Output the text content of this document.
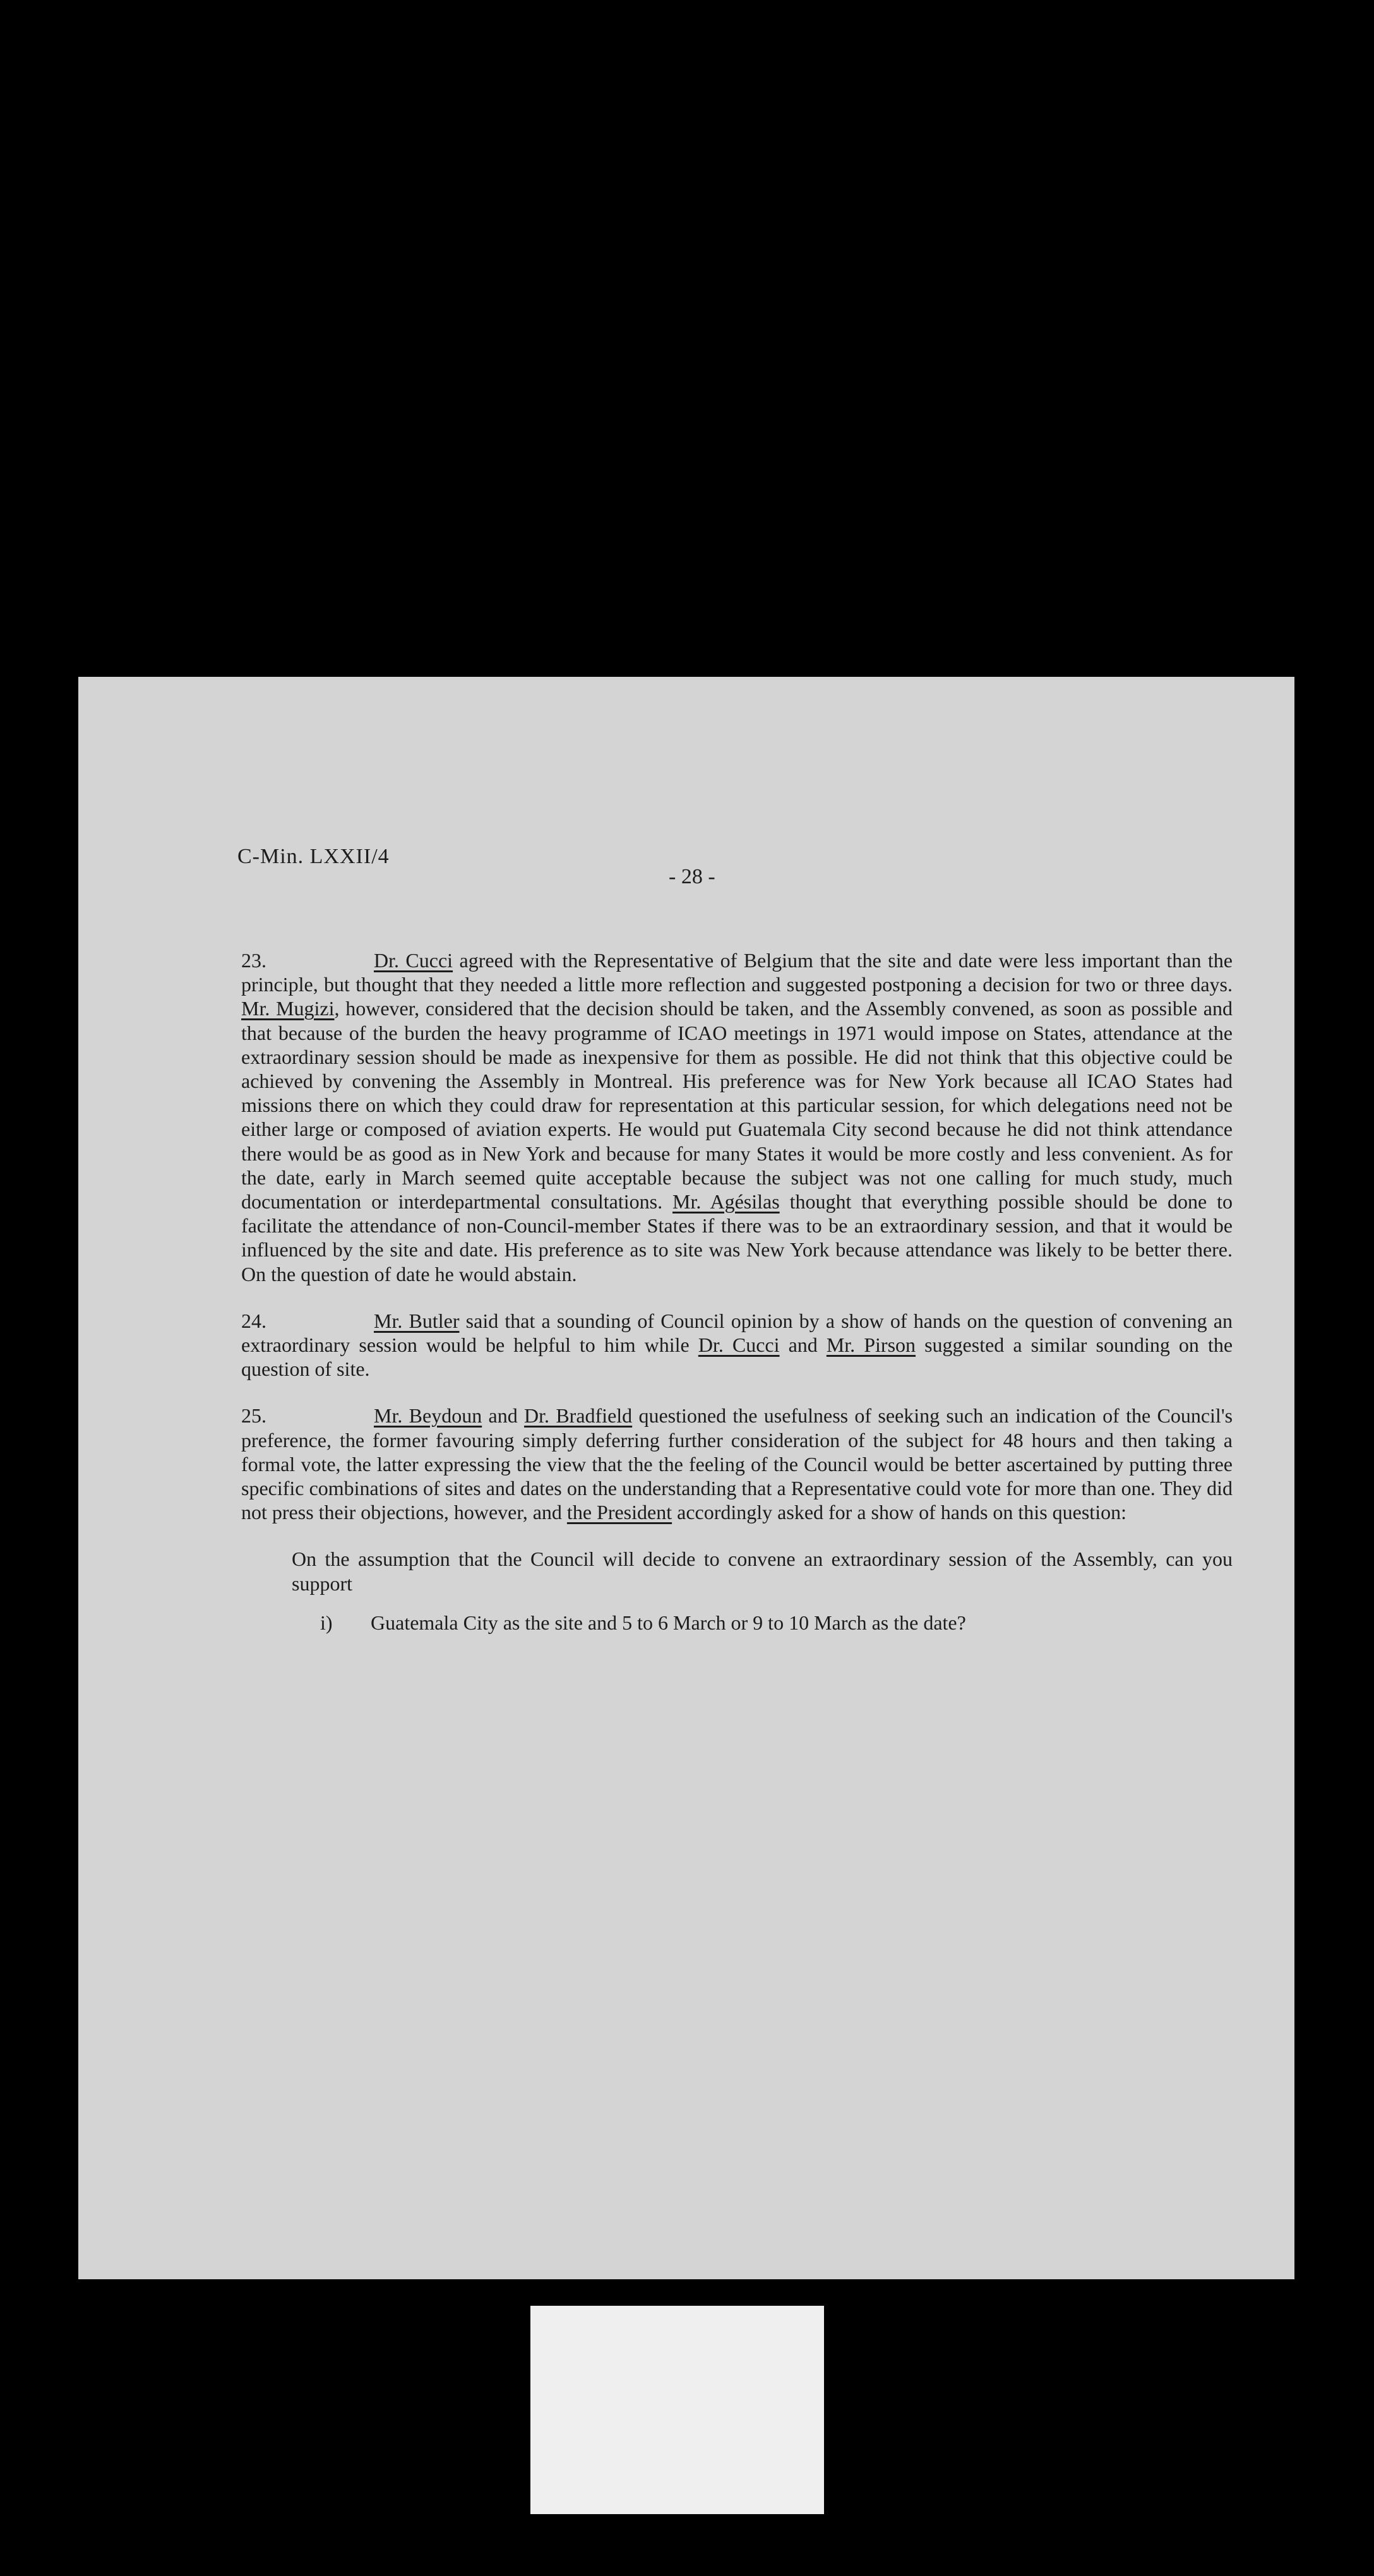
C-Min. LXXII/4
- 28 -

23.	Dr. Cucci agreed with the Representative of Belgium that the site and date were less important than the principle, but thought that they needed a little more reflection and suggested postponing a decision for two or three days. Mr. Mugizi, however, considered that the decision should be taken, and the Assembly convened, as soon as possible and that because of the burden the heavy programme of ICAO meetings in 1971 would impose on States, attendance at the extraordinary session should be made as inexpensive for them as possible. He did not think that this objective could be achieved by convening the Assembly in Montreal. His preference was for New York because all ICAO States had missions there on which they could draw for representation at this particular session, for which delegations need not be either large or composed of aviation experts. He would put Guatemala City second because he did not think attendance there would be as good as in New York and because for many States it would be more costly and less convenient. As for the date, early in March seemed quite acceptable because the subject was not one calling for much study, much documentation or interdepartmental consultations. Mr. Agésilas thought that everything possible should be done to facilitate the attendance of non-Council-member States if there was to be an extraordinary session, and that it would be influenced by the site and date. His preference as to site was New York because attendance was likely to be better there. On the question of date he would abstain.

24.	Mr. Butler said that a sounding of Council opinion by a show of hands on the question of convening an extraordinary session would be helpful to him while Dr. Cucci and Mr. Pirson suggested a similar sounding on the question of site.

25.	Mr. Beydoun and Dr. Bradfield questioned the usefulness of seeking such an indication of the Council's preference, the former favouring simply deferring further consideration of the subject for 48 hours and then taking a formal vote, the latter expressing the view that the the feeling of the Council would be better ascertained by putting three specific combinations of sites and dates on the understanding that a Representative could vote for more than one. They did not press their objections, however, and the President accordingly asked for a show of hands on this question:

On the assumption that the Council will decide to convene an extraordinary session of the Assembly, can you support
i)	Guatemala City as the site and 5 to 6 March or 9 to 10 March as the date?
